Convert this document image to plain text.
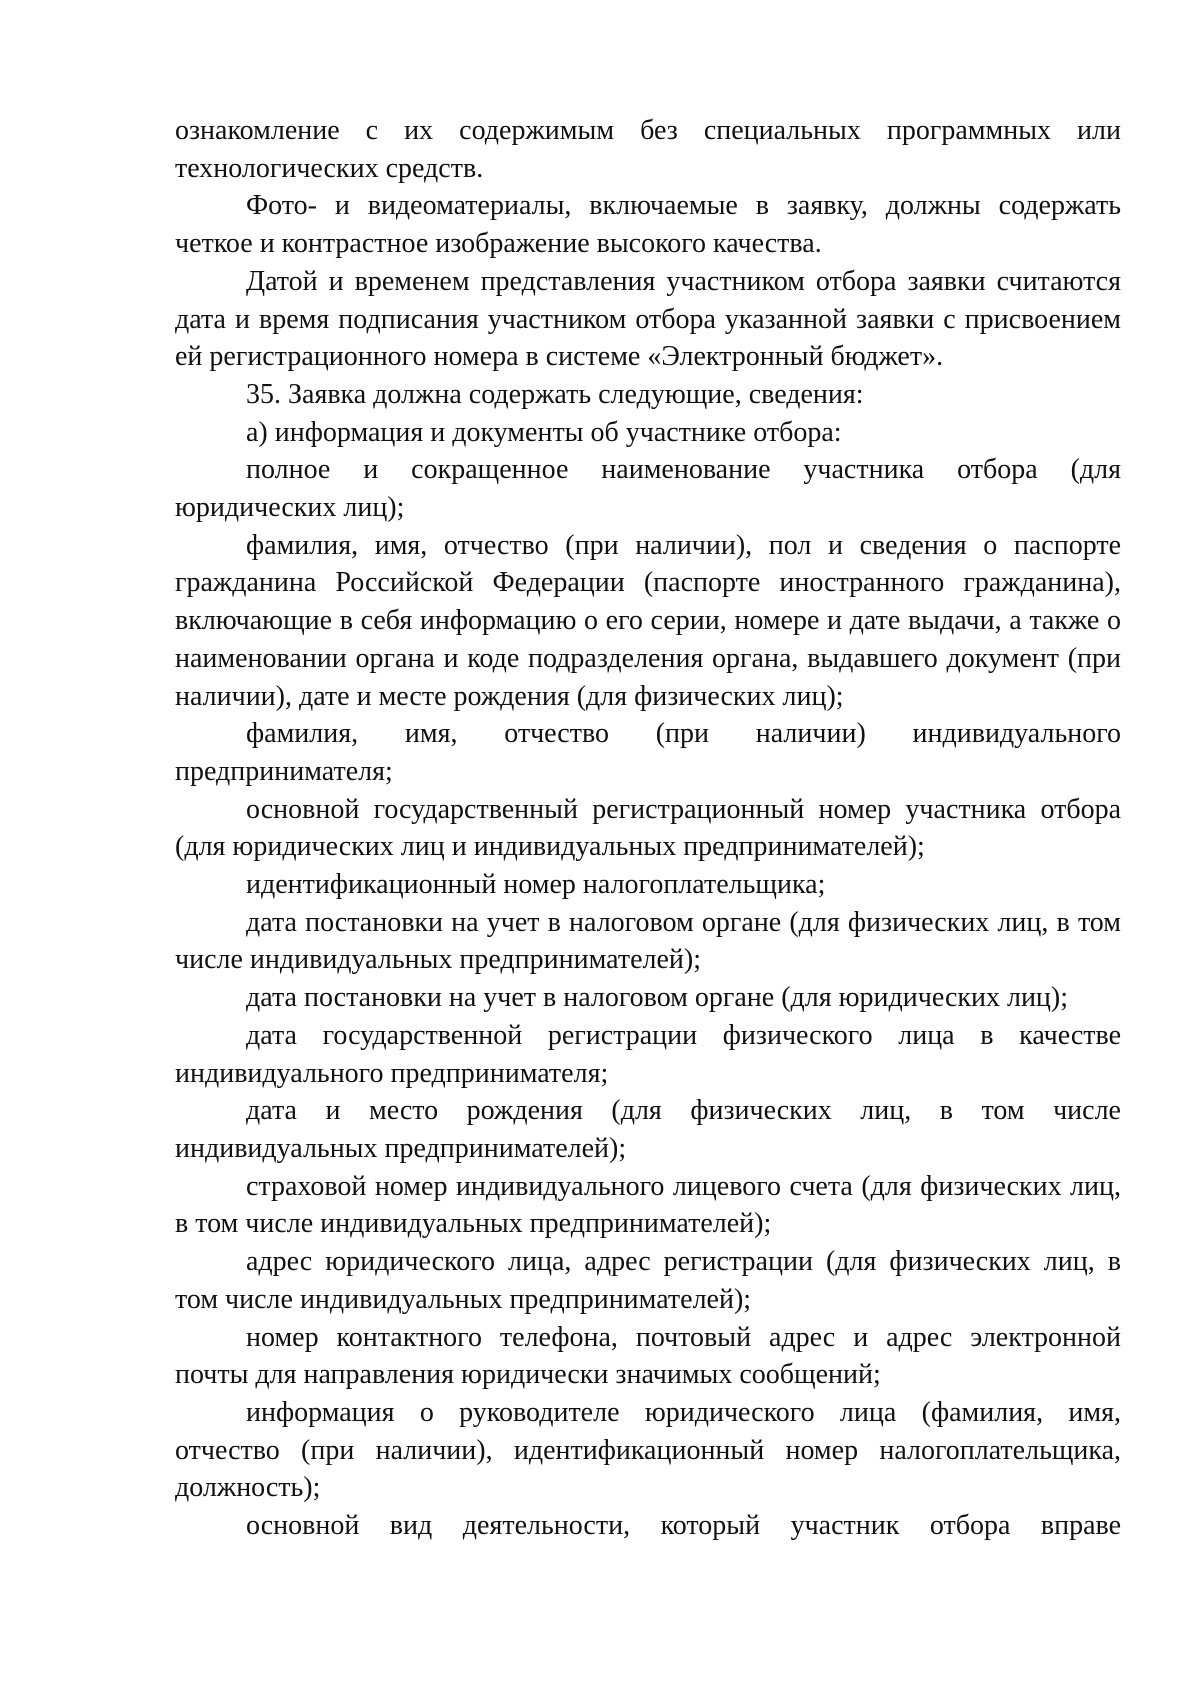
ознакомление с их содержимым без специальных программных или технологических средств.

Фото- и видеоматериалы, включаемые в заявку, должны содержать четкое и контрастное изображение высокого качества.

Датой и временем представления участником отбора заявки считаются дата и время подписания участником отбора указанной заявки с присвоением ей регистрационного номера в системе «Электронный бюджет».

35. Заявка должна содержать следующие, сведения:

а) информация и документы об участнике отбора:

полное и сокращенное наименование участника отбора (для юридических лиц);

фамилия, имя, отчество (при наличии), пол и сведения о паспорте гражданина Российской Федерации (паспорте иностранного гражданина), включающие в себя информацию о его серии, номере и дате выдачи, а также о наименовании органа и коде подразделения органа, выдавшего документ (при наличии), дате и месте рождения (для физических лиц);

фамилия, имя, отчество (при наличии) индивидуального предпринимателя;

основной государственный регистрационный номер участника отбора (для юридических лиц и индивидуальных предпринимателей);

идентификационный номер налогоплательщика;

дата постановки на учет в налоговом органе (для физических лиц, в том числе индивидуальных предпринимателей);

дата постановки на учет в налоговом органе (для юридических лиц);

дата государственной регистрации физического лица в качестве индивидуального предпринимателя;

дата и место рождения (для физических лиц, в том числе индивидуальных предпринимателей);

страховой номер индивидуального лицевого счета (для физических лиц, в том числе индивидуальных предпринимателей);

адрес юридического лица, адрес регистрации (для физических лиц, в том числе индивидуальных предпринимателей);

номер контактного телефона, почтовый адрес и адрес электронной почты для направления юридически значимых сообщений;

информация о руководителе юридического лица (фамилия, имя, отчество (при наличии), идентификационный номер налогоплательщика, должность);

основной вид деятельности, который участник отбора вправе
